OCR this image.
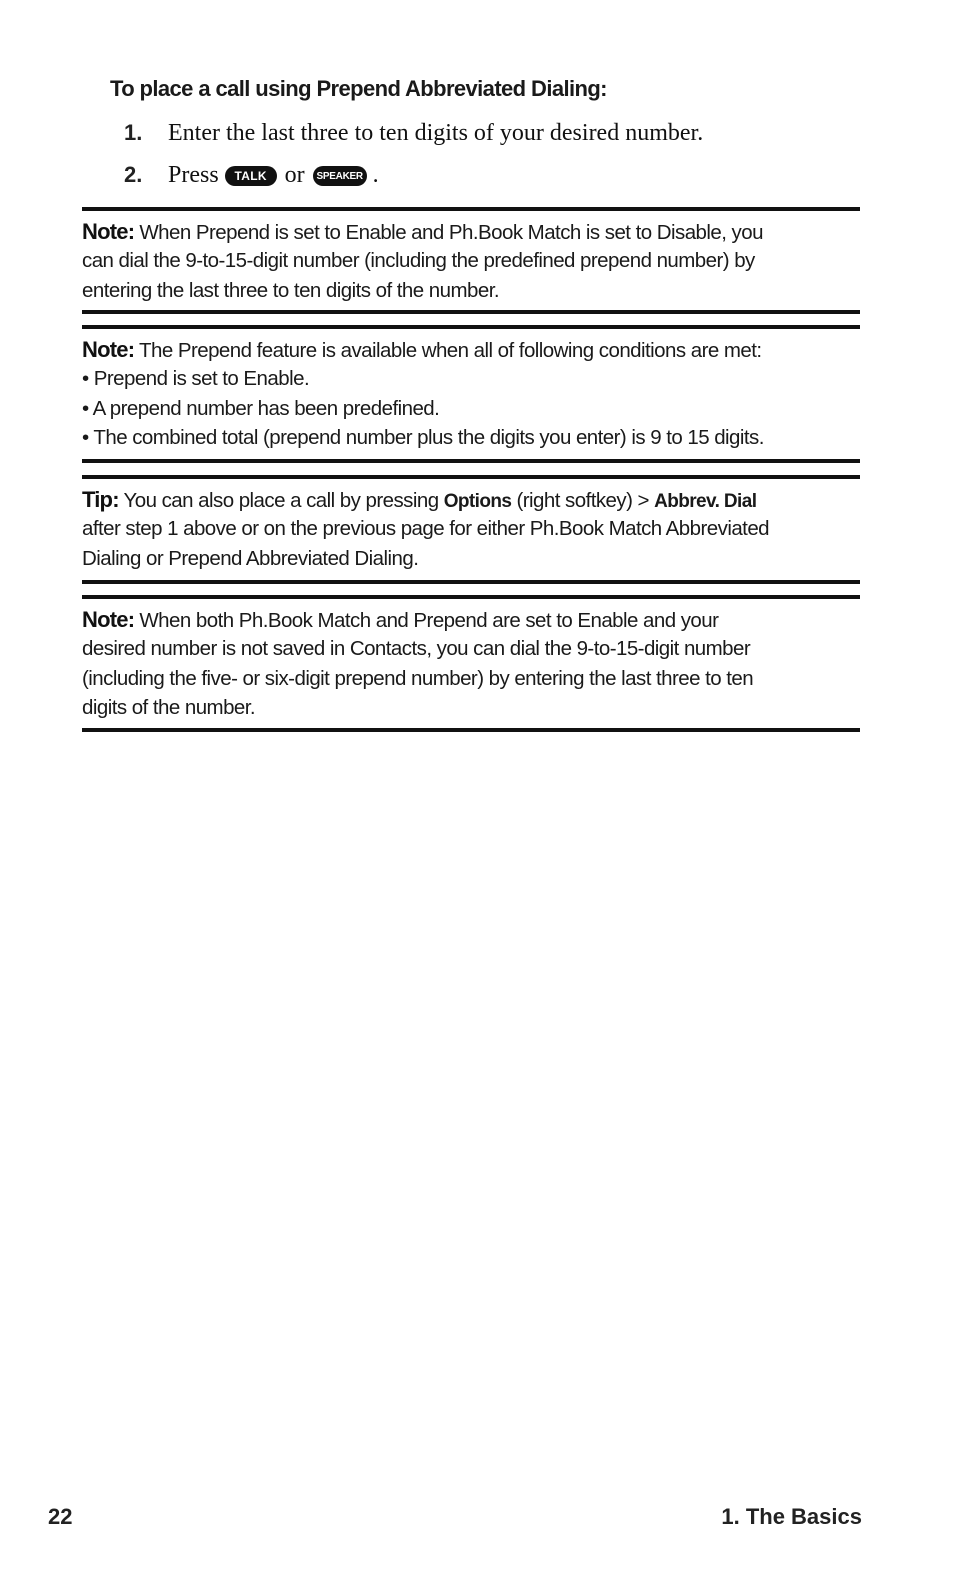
To place a call using Prepend Abbreviated Dialing:
1.	Enter the last three to ten digits of your desired number.
2.	Press	TALK or	SPEAKER .
Note: When Prepend is set to Enable and Ph.Book Match is set to Disable, you
can dial the 9-to-15-digit number (including the predefined prepend number) by
entering the last three to ten digits of the number.
Note: The Prepend feature is available when all of following conditions are met:
• Prepend is set to Enable.
• A prepend number has been predefined.
• The combined total (prepend number plus the digits you enter) is 9 to 15 digits.
Tip: You can also place a call by pressing Options (right softkey) > Abbrev. Dial
after step 1 above or on the previous page for either Ph.Book Match Abbreviated
Dialing or Prepend Abbreviated Dialing.
Note: When both Ph.Book Match and Prepend are set to Enable and your
desired number is not saved in Contacts, you can dial the 9-to-15-digit number
(including the five- or six-digit prepend number) by entering the last three to ten
digits of the number.
22	1. The Basics
